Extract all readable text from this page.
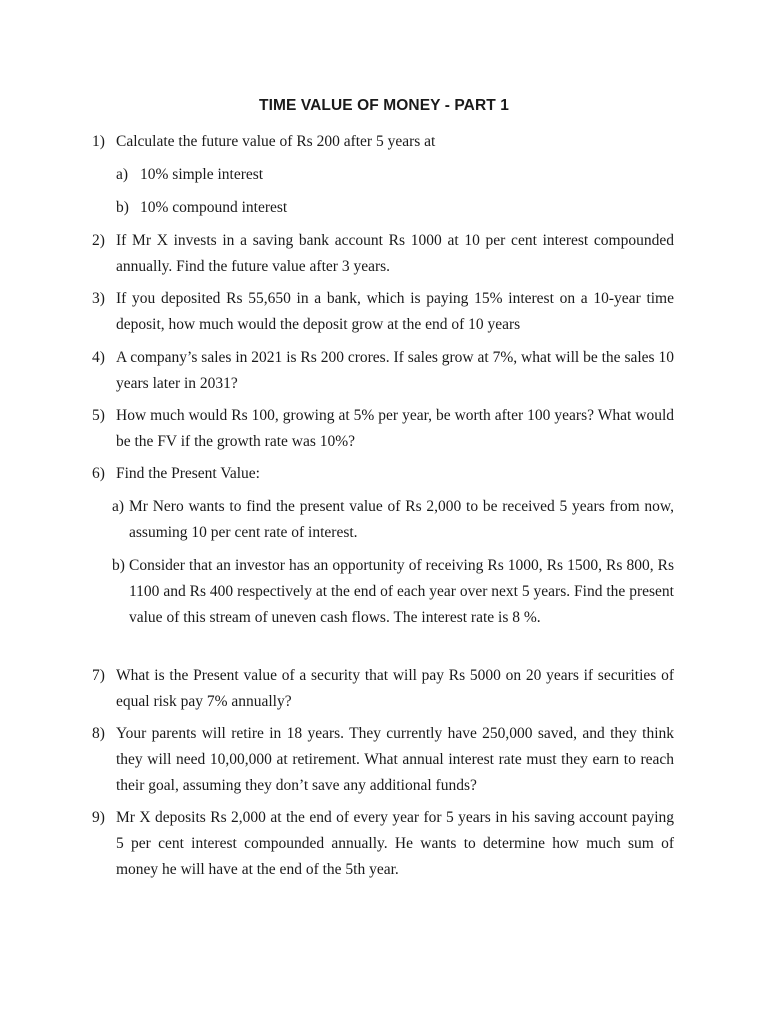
TIME VALUE OF MONEY - PART 1
1) Calculate the future value of Rs 200 after 5 years at
a) 10% simple interest
b) 10% compound interest
2) If Mr X invests in a saving bank account Rs 1000 at 10 per cent interest compounded annually. Find the future value after 3 years.
3) If you deposited Rs 55,650 in a bank, which is paying 15% interest on a 10-year time deposit, how much would the deposit grow at the end of 10 years
4) A company’s sales in 2021 is Rs 200 crores. If sales grow at 7%, what will be the sales 10 years later in 2031?
5) How much would Rs 100, growing at 5% per year, be worth after 100 years? What would be the FV if the growth rate was 10%?
6) Find the Present Value:
a) Mr Nero wants to find the present value of Rs 2,000 to be received 5 years from now, assuming 10 per cent rate of interest.
b) Consider that an investor has an opportunity of receiving Rs 1000, Rs 1500, Rs 800, Rs 1100 and Rs 400 respectively at the end of each year over next 5 years. Find the present value of this stream of uneven cash flows. The interest rate is 8 %.
7) What is the Present value of a security that will pay Rs 5000 on 20 years if securities of equal risk pay 7% annually?
8) Your parents will retire in 18 years. They currently have 250,000 saved, and they think they will need 10,00,000 at retirement. What annual interest rate must they earn to reach their goal, assuming they don’t save any additional funds?
9) Mr X deposits Rs 2,000 at the end of every year for 5 years in his saving account paying 5 per cent interest compounded annually. He wants to determine how much sum of money he will have at the end of the 5th year.
